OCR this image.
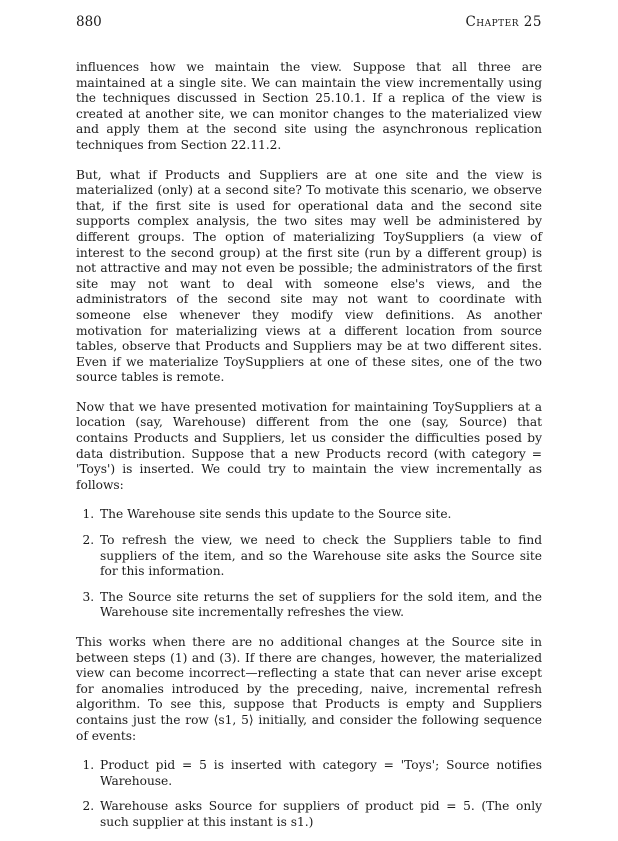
880	Chapter 25

influences how we maintain the view. Suppose that all three are maintained at a single site. We can maintain the view incrementally using the techniques discussed in Section 25.10.1. If a replica of the view is created at another site, we can monitor changes to the materialized view and apply them at the second site using the asynchronous replication techniques from Section 22.11.2.

But, what if Products and Suppliers are at one site and the view is materialized (only) at a second site? To motivate this scenario, we observe that, if the first site is used for operational data and the second site supports complex analysis, the two sites may well be administered by different groups. The option of materializing ToySuppliers (a view of interest to the second group) at the first site (run by a different group) is not attractive and may not even be possible; the administrators of the first site may not want to deal with someone else's views, and the administrators of the second site may not want to coordinate with someone else whenever they modify view definitions. As another motivation for materializing views at a different location from source tables, observe that Products and Suppliers may be at two different sites. Even if we materialize ToySuppliers at one of these sites, one of the two source tables is remote.

Now that we have presented motivation for maintaining ToySuppliers at a location (say, Warehouse) different from the one (say, Source) that contains Products and Suppliers, let us consider the difficulties posed by data distribution. Suppose that a new Products record (with category = 'Toys') is inserted. We could try to maintain the view incrementally as follows:

1. The Warehouse site sends this update to the Source site.
2. To refresh the view, we need to check the Suppliers table to find suppliers of the item, and so the Warehouse site asks the Source site for this information.
3. The Source site returns the set of suppliers for the sold item, and the Warehouse site incrementally refreshes the view.

This works when there are no additional changes at the Source site in between steps (1) and (3). If there are changes, however, the materialized view can become incorrect—reflecting a state that can never arise except for anomalies introduced by the preceding, naive, incremental refresh algorithm. To see this, suppose that Products is empty and Suppliers contains just the row ⟨s1, 5⟩ initially, and consider the following sequence of events:

1. Product pid = 5 is inserted with category = 'Toys'; Source notifies Warehouse.
2. Warehouse asks Source for suppliers of product pid = 5. (The only such supplier at this instant is s1.)
